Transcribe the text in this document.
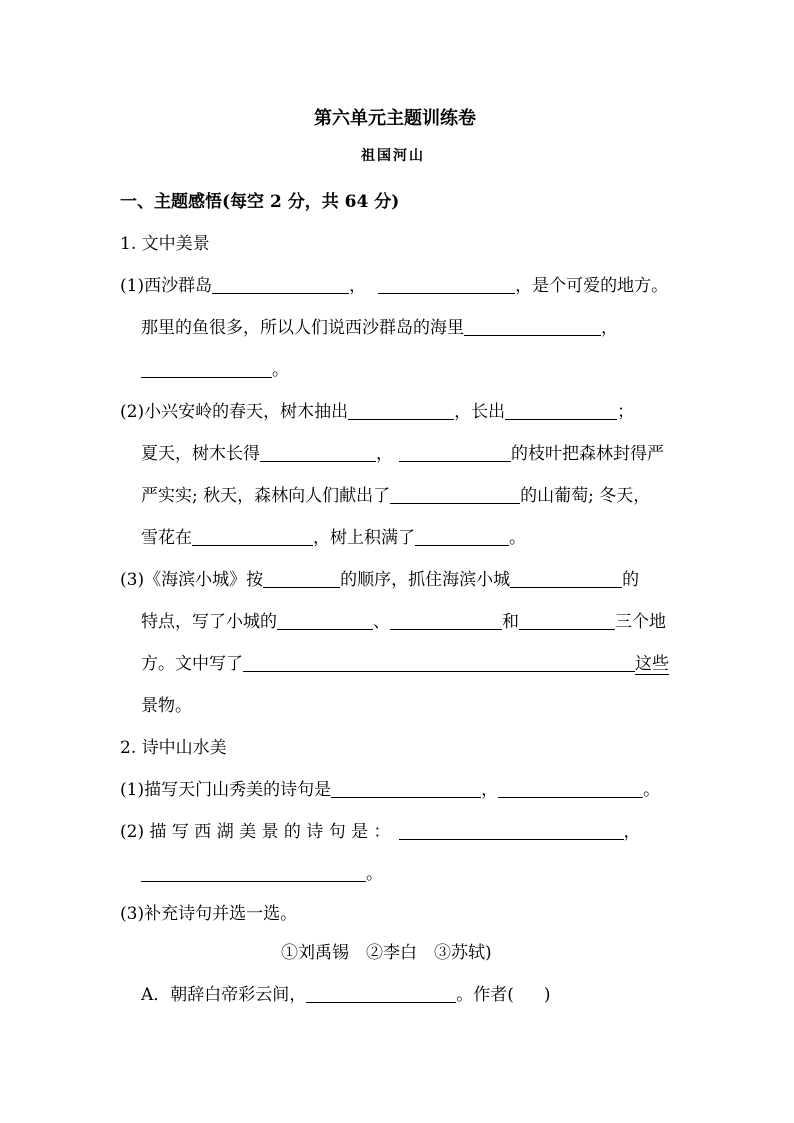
第六单元主题训练卷
祖国河山
一、主题感悟(每空 2 分，共 64 分)
1. 文中美景
(1)西沙群岛	，	，是个可爱的地方。
那里的鱼很多，所以人们说西沙群岛的海里	，
。
(2)小兴安岭的春天，树木抽出	，长出	；
夏天，树木长得	，	的枝叶把森林封得严
严实实; 秋天，森林向人们献出了	的山葡萄; 冬天，
雪花在	，树上积满了	。
(3)《海滨小城》按	的顺序，抓住海滨小城	的
特点，写了小城的	、	和	三个地
方。文中写了	这些
景物。
2. 诗中山水美
(1)描写天门山秀美的诗句是	，	。
(2) 描 写 西 湖 美 景 的 诗 句 是 ：	，
。
(3)补充诗句并选一选。
①刘禹锡　②李白　③苏轼)
A．朝辞白帝彩云间，	。作者( )
